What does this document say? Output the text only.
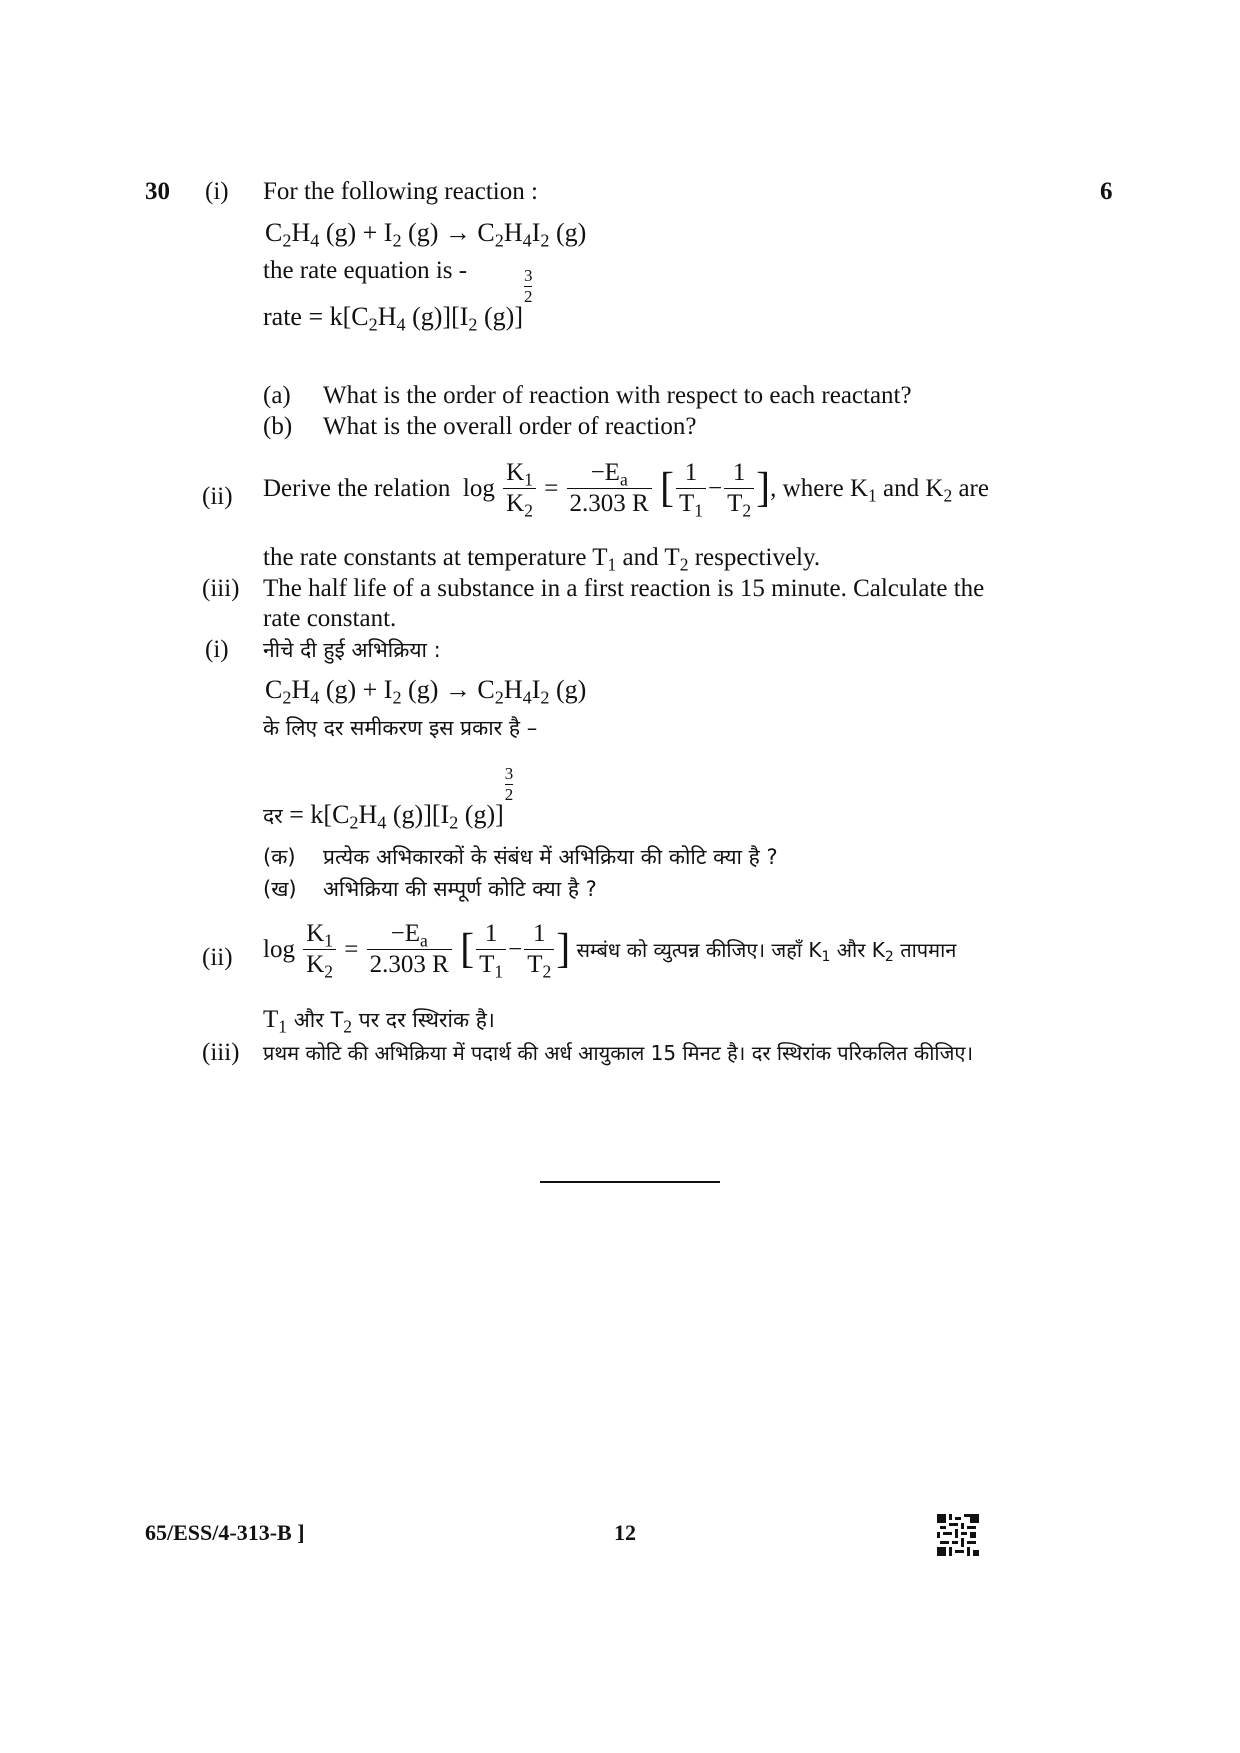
30 (i) For the following reaction :	6
$C_2H_4$ $(g) + I_2$ $(g) \to C_2H_4I_2$ (g)
the rate equation is -
rate = $k[C_2H_4$ $(g)][I_2$ (g)]
$\frac{3}{2}$
(a) What is the order of reaction with respect to each reactant?
(b) What is the overall order of reaction?
(ii) Derive the relation  $\log \frac{K_1}{K_2} = \frac{-E_a}{2.303 R}$ [ $\frac{1}{T_1} - \frac{1}{T_2}$ ], where $K_1$ and $K_2$ are
the rate constants at temperature $T_1$ and $T_2$ respectively.
(iii) The half life of a substance in a first reaction is 15 minute. Calculate the
rate constant.
(i) नीचे दी हुई अभिक्रिया :
$C_2H_4$ $(g) + I_2$ $(g) \to C_2H_4I_2$ (g)
के लिए दर समीकरण इस प्रकार है –
दर = $k[C_2H_4$ $(g)][I_2$ (g)]
$\frac{3}{2}$
(क) प्रत्येक अभिकारकों के संबंध में अभिक्रिया की कोटि क्या है ?
(ख) अभिक्रिया की सम्पूर्ण कोटि क्या है ?
(ii) $\log \frac{K_1}{K_2} = \frac{-E_a}{2.303 R}$ [ $\frac{1}{T_1} - \frac{1}{T_2}$ ] सम्बंध को व्युत्पन्न कीजिए। जहाँ $K_1$ और $K_2$ तापमान
$T_1$ और $T_2$ पर दर स्थिरांक है।
(iii) प्रथम कोटि की अभिक्रिया में पदार्थ की अर्ध आयुकाल 15 मिनट है। दर स्थिरांक परिकलित कीजिए।
65/ESS/4-313-B ]	12
